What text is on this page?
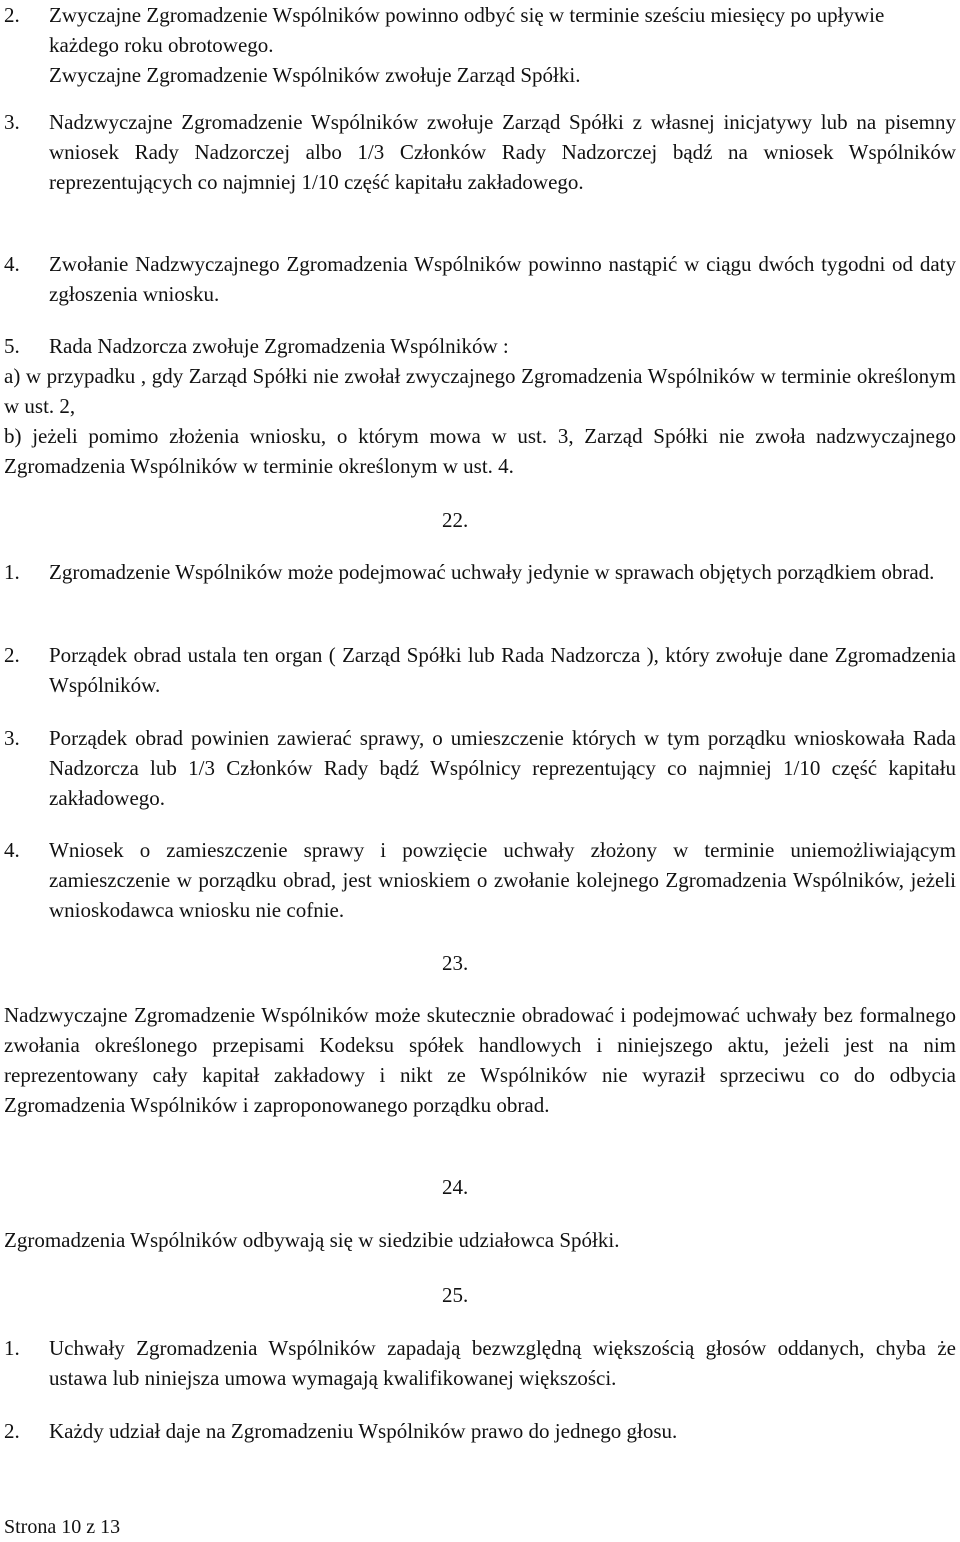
2.	Zwyczajne Zgromadzenie Wspólników powinno odbyć się w terminie sześciu miesięcy po upływie każdego roku obrotowego.
Zwyczajne Zgromadzenie Wspólników zwołuje Zarząd Spółki.
3.	Nadzwyczajne Zgromadzenie Wspólników zwołuje Zarząd Spółki z własnej inicjatywy lub na pisemny wniosek Rady Nadzorczej albo 1/3 Członków Rady Nadzorczej bądź na wniosek Wspólników reprezentujących co najmniej 1/10 część kapitału zakładowego.
4.	Zwołanie Nadzwyczajnego Zgromadzenia Wspólników powinno nastąpić w ciągu dwóch tygodni od daty zgłoszenia wniosku.
5.	Rada Nadzorcza zwołuje Zgromadzenia Wspólników :
a) w przypadku , gdy Zarząd Spółki nie zwołał zwyczajnego Zgromadzenia Wspólników w terminie określonym w ust. 2,
b) jeżeli pomimo złożenia wniosku, o którym mowa w ust. 3, Zarząd Spółki nie zwoła nadzwyczajnego Zgromadzenia Wspólników w terminie określonym w ust. 4.
22.
1.	Zgromadzenie Wspólników może podejmować uchwały jedynie w sprawach objętych porządkiem obrad.
2.	Porządek obrad ustala ten organ ( Zarząd Spółki lub Rada Nadzorcza ), który zwołuje dane Zgromadzenia Wspólników.
3.	Porządek obrad powinien zawierać sprawy, o umieszczenie których w tym porządku wnioskowała Rada Nadzorcza lub 1/3 Członków Rady bądź Wspólnicy reprezentujący co najmniej 1/10 część kapitału zakładowego.
4.	Wniosek o zamieszczenie sprawy i powzięcie uchwały złożony w terminie uniemożliwiającym zamieszczenie w porządku obrad, jest wnioskiem o zwołanie kolejnego Zgromadzenia Wspólników, jeżeli wnioskodawca wniosku nie cofnie.
23.
Nadzwyczajne Zgromadzenie Wspólników może skutecznie obradować i podejmować uchwały bez formalnego zwołania określonego przepisami Kodeksu spółek handlowych i niniejszego aktu, jeżeli jest na nim reprezentowany cały kapitał zakładowy i nikt ze Wspólników nie wyraził sprzeciwu co do odbycia Zgromadzenia Wspólników i zaproponowanego porządku obrad.
24.
Zgromadzenia Wspólników odbywają się w siedzibie udziałowca Spółki.
25.
1.	Uchwały Zgromadzenia Wspólników zapadają bezwzględną większością głosów oddanych, chyba że ustawa lub niniejsza umowa wymagają kwalifikowanej większości.
2.	Każdy udział daje na Zgromadzeniu Wspólników prawo do jednego głosu.
Strona 10 z 13
